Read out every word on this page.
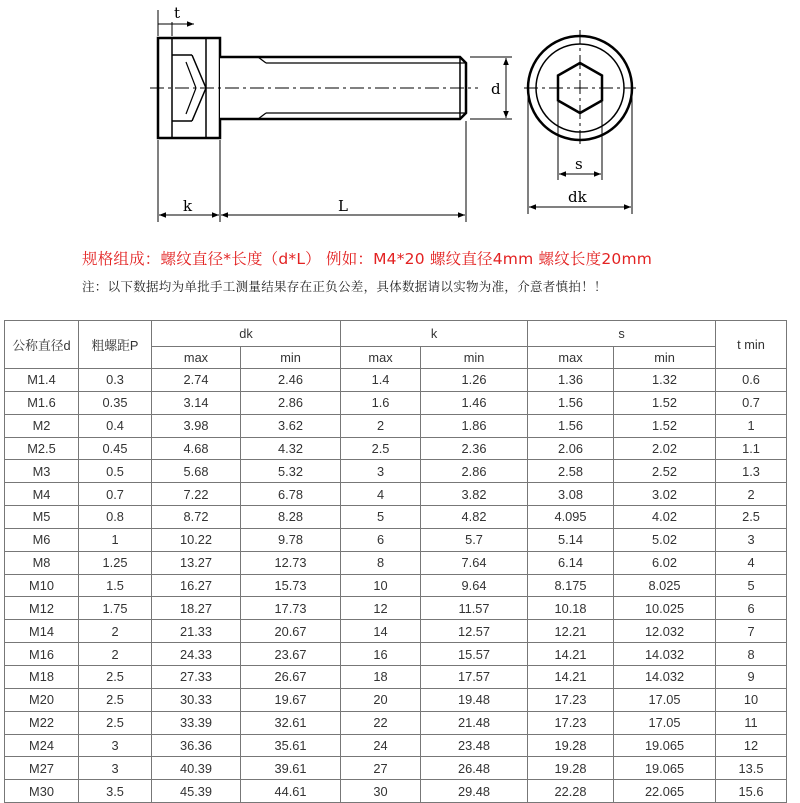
t
d
k	L
s
dk
规格组成：螺纹直径*长度（d*L） 例如：M4*20 螺纹直径4mm 螺纹长度20mm
注：以下数据均为单批手工测量结果存在正负公差，具体数据请以实物为准，介意者慎拍！！
公称直径d	粗螺距P	dk		k		s		t min
		max	min	max	min	max	min	
M1.4	0.3	2.74	2.46	1.4	1.26	1.36	1.32	0.6
M1.6	0.35	3.14	2.86	1.6	1.46	1.56	1.52	0.7
M2	0.4	3.98	3.62	2	1.86	1.56	1.52	1
M2.5	0.45	4.68	4.32	2.5	2.36	2.06	2.02	1.1
M3	0.5	5.68	5.32	3	2.86	2.58	2.52	1.3
M4	0.7	7.22	6.78	4	3.82	3.08	3.02	2
M5	0.8	8.72	8.28	5	4.82	4.095	4.02	2.5
M6	1	10.22	9.78	6	5.7	5.14	5.02	3
M8	1.25	13.27	12.73	8	7.64	6.14	6.02	4
M10	1.5	16.27	15.73	10	9.64	8.175	8.025	5
M12	1.75	18.27	17.73	12	11.57	10.18	10.025	6
M14	2	21.33	20.67	14	12.57	12.21	12.032	7
M16	2	24.33	23.67	16	15.57	14.21	14.032	8
M18	2.5	27.33	26.67	18	17.57	14.21	14.032	9
M20	2.5	30.33	19.67	20	19.48	17.23	17.05	10
M22	2.5	33.39	32.61	22	21.48	17.23	17.05	11
M24	3	36.36	35.61	24	23.48	19.28	19.065	12
M27	3	40.39	39.61	27	26.48	19.28	19.065	13.5
M30	3.5	45.39	44.61	30	29.48	22.28	22.065	15.6
